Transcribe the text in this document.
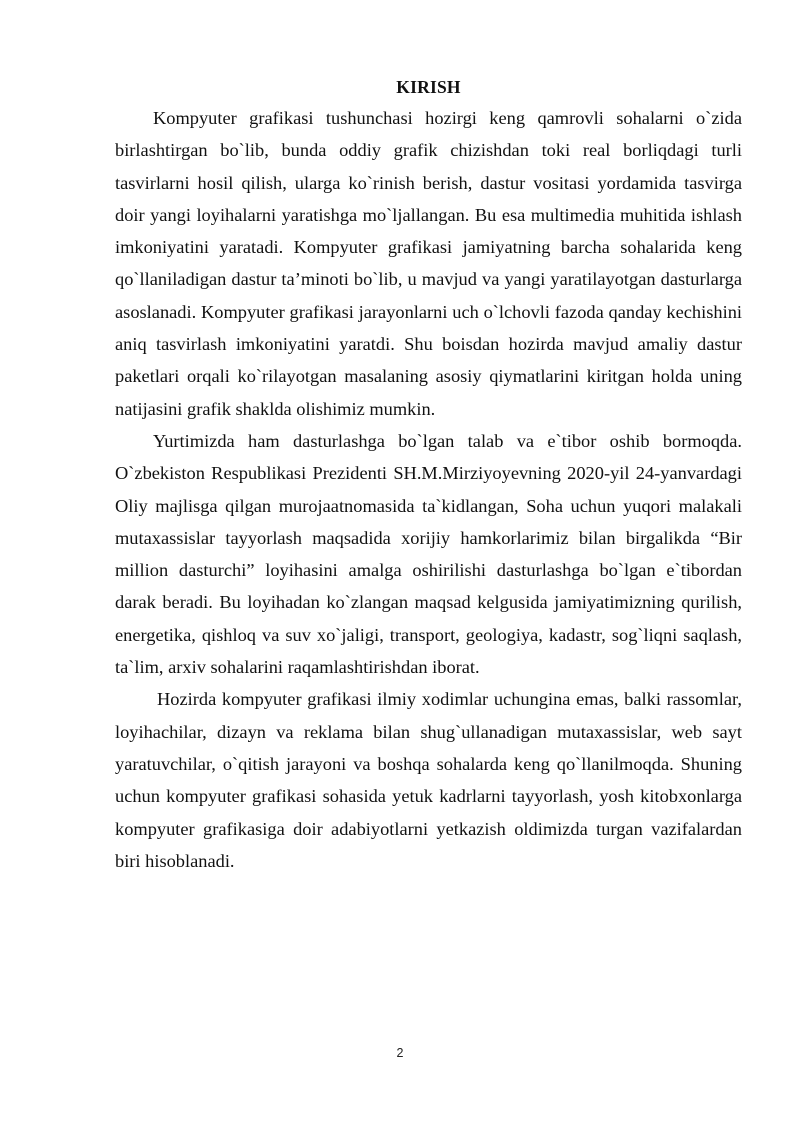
KIRISH

Kompyuter grafikasi tushunchasi hozirgi keng qamrovli sohalarni o`zida birlashtirgan bo`lib, bunda oddiy grafik chizishdan toki real borliqdagi turli tasvirlarni hosil qilish, ularga ko`rinish berish, dastur vositasi yordamida tasvirga doir yangi loyihalarni yaratishga mo`ljallangan. Bu esa multimedia muhitida ishlash imkoniyatini yaratadi. Kompyuter grafikasi jamiyatning barcha sohalarida keng qo`llaniladigan dastur ta’minoti bo`lib, u mavjud va yangi yaratilayotgan dasturlarga asoslanadi. Kompyuter grafikasi jarayonlarni uch o`lchovli fazoda qanday kechishini aniq tasvirlash imkoniyatini yaratdi. Shu boisdan hozirda mavjud amaliy dastur paketlari orqali ko`rilayotgan masalaning asosiy qiymatlarini kiritgan holda uning natijasini grafik shaklda olishimiz mumkin.

Yurtimizda ham dasturlashga bo`lgan talab va e`tibor oshib bormoqda. O`zbekiston Respublikasi Prezidenti SH.M.Mirziyoyevning 2020-yil 24-yanvardagi Oliy majlisga qilgan murojaatnomasida ta`kidlangan, Soha uchun yuqori malakali mutaxassislar tayyorlash maqsadida xorijiy hamkorlarimiz bilan birgalikda “Bir million dasturchi” loyihasini amalga oshirilishi dasturlashga bo`lgan e`tibordan darak beradi. Bu loyihadan ko`zlangan maqsad kelgusida jamiyatimizning qurilish, energetika, qishloq va suv xo`jaligi, transport, geologiya, kadastr, sog`liqni saqlash, ta`lim, arxiv sohalarini raqamlashtirishdan iborat.

Hozirda kompyuter grafikasi ilmiy xodimlar uchungina emas, balki rassomlar, loyihachilar, dizayn va reklama bilan shug`ullanadigan mutaxassislar, web sayt yaratuvchilar, o`qitish jarayoni va boshqa sohalarda keng qo`llanilmoqda. Shuning uchun kompyuter grafikasi sohasida yetuk kadrlarni tayyorlash, yosh kitobxonlarga kompyuter grafikasiga doir adabiyotlarni yetkazish oldimizda turgan vazifalardan biri hisoblanadi.

2
